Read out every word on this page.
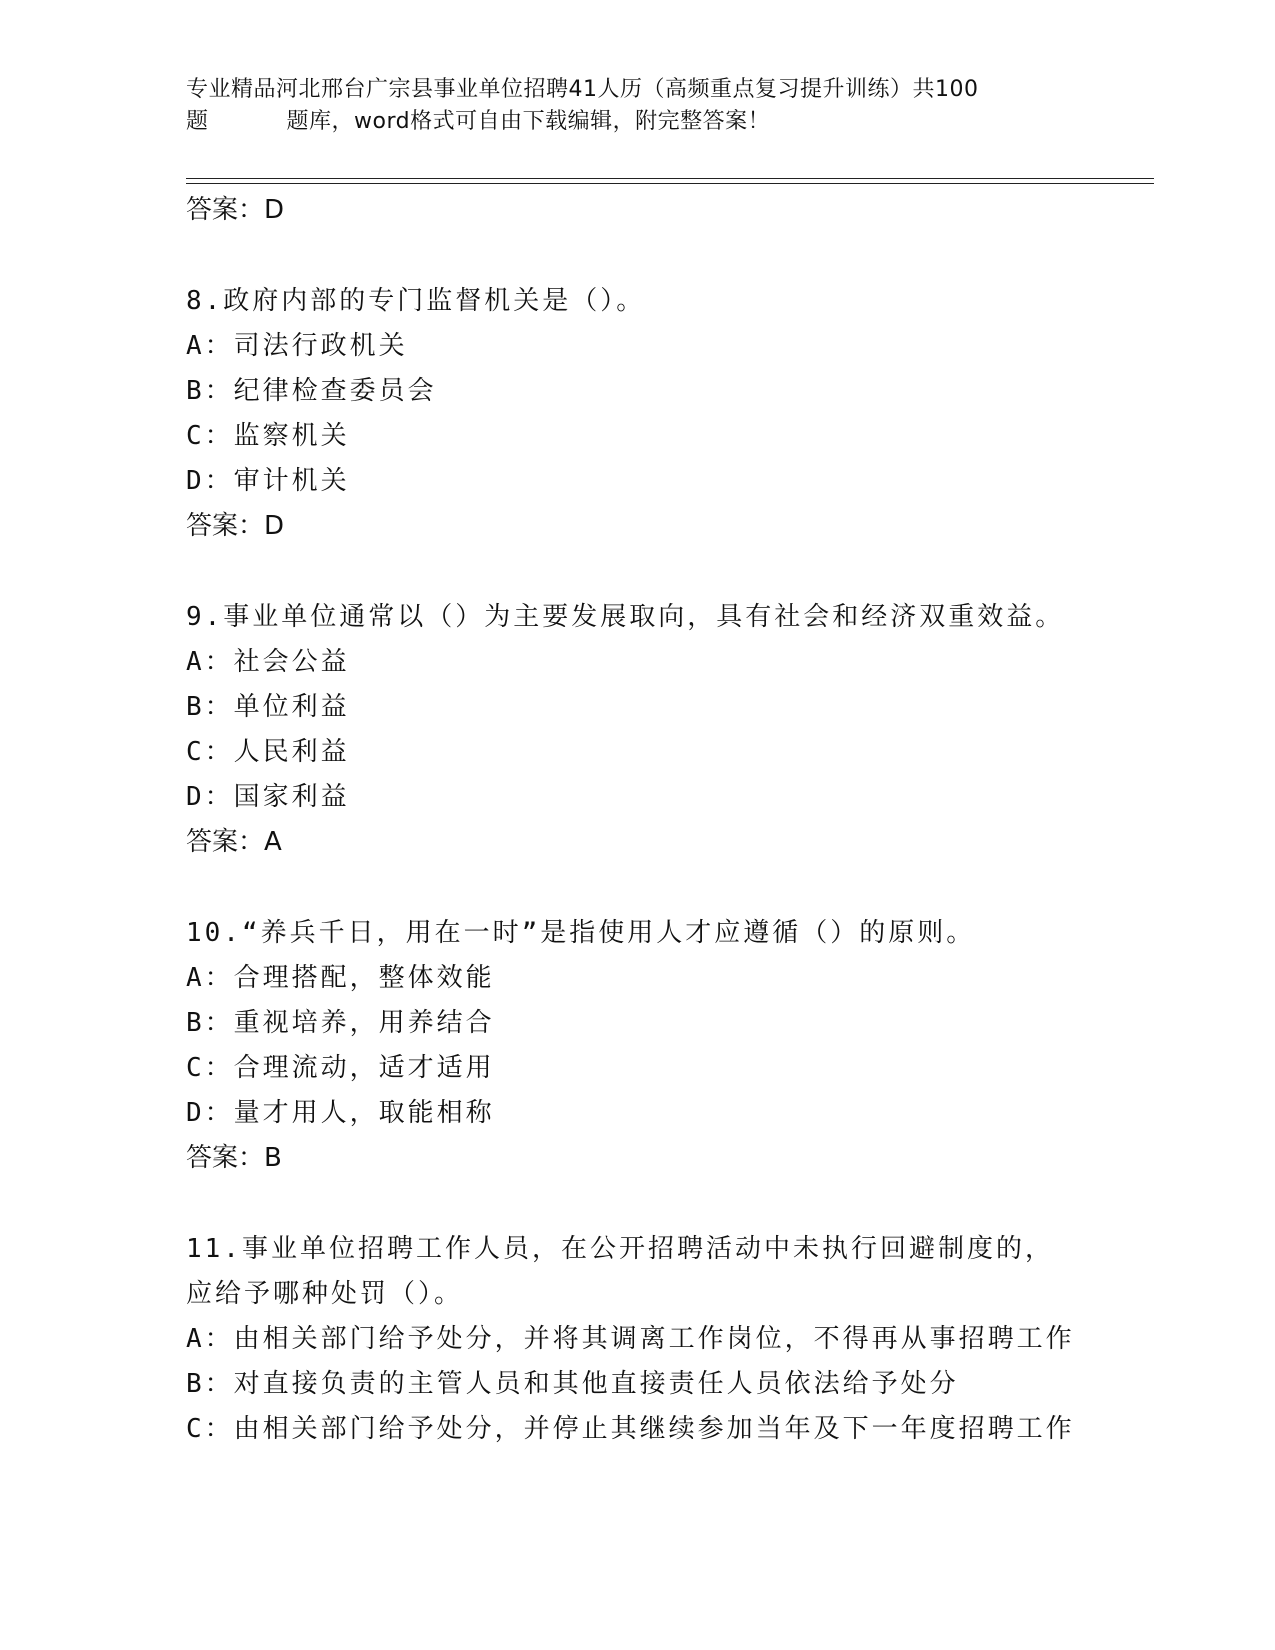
专业精品河北邢台广宗县事业单位招聘41人历（高频重点复习提升训练）共100
题	题库，word格式可自由下载编辑，附完整答案！
答案：D
8.政府内部的专门监督机关是（）。
A：司法行政机关
B：纪律检查委员会
C：监察机关
D：审计机关
答案：D
9.事业单位通常以（）为主要发展取向，具有社会和经济双重效益。
A：社会公益
B：单位利益
C：人民利益
D：国家利益
答案：A
10.“养兵千日，用在一时”是指使用人才应遵循（）的原则。
A：合理搭配，整体效能
B：重视培养，用养结合
C：合理流动，适才适用
D：量才用人，取能相称
答案：B
11.事业单位招聘工作人员，在公开招聘活动中未执行回避制度的，应给予哪种处罚（）。
A：由相关部门给予处分，并将其调离工作岗位，不得再从事招聘工作
B：对直接负责的主管人员和其他直接责任人员依法给予处分
C：由相关部门给予处分，并停止其继续参加当年及下一年度招聘工作
